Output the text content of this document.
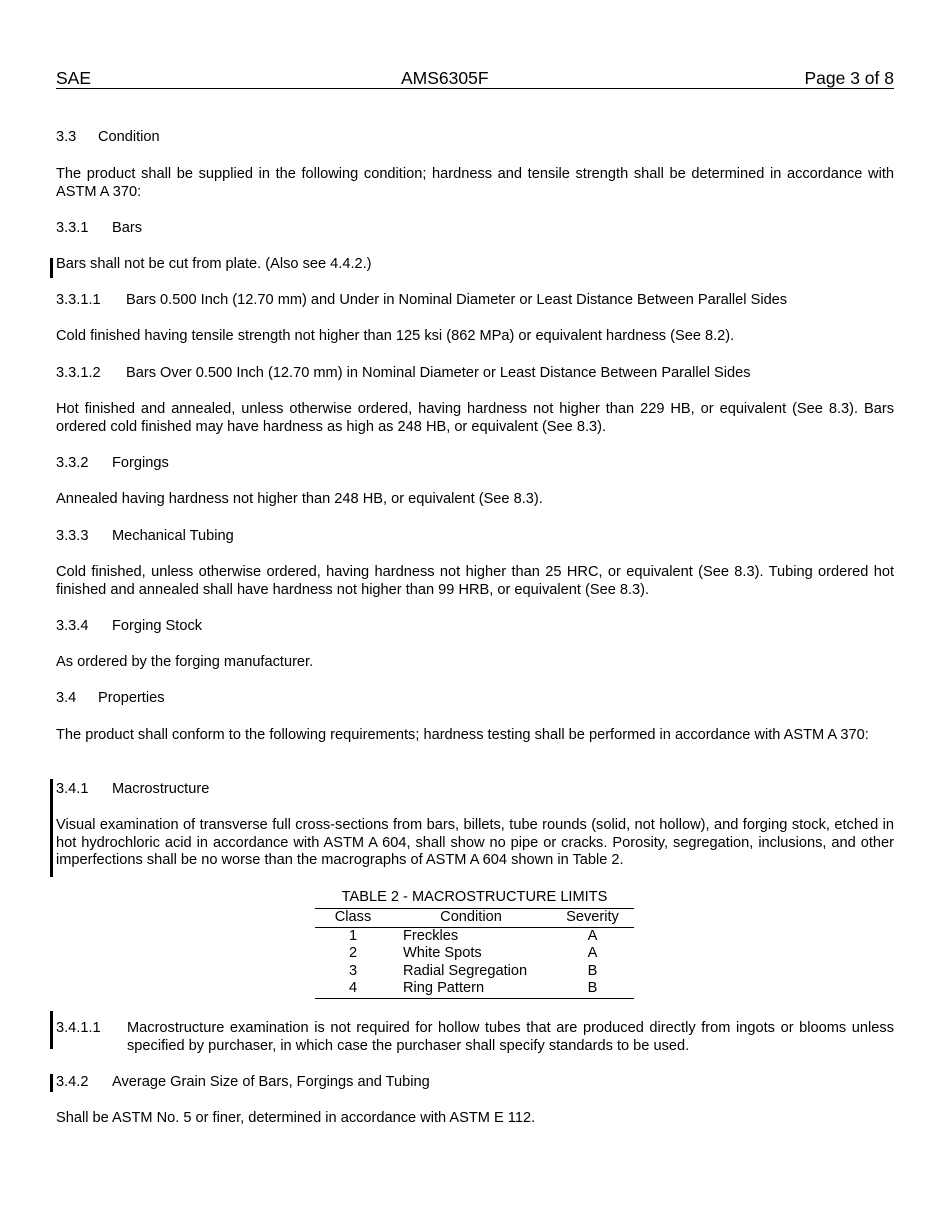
SAE	AMS6305F	Page 3 of 8
3.3 Condition
The product shall be supplied in the following condition; hardness and tensile strength shall be determined in accordance with ASTM A 370:
3.3.1 Bars
Bars shall not be cut from plate. (Also see 4.4.2.)
3.3.1.1 Bars 0.500 Inch (12.70 mm) and Under in Nominal Diameter or Least Distance Between Parallel Sides
Cold finished having tensile strength not higher than 125 ksi (862 MPa) or equivalent hardness (See 8.2).
3.3.1.2 Bars Over 0.500 Inch (12.70 mm) in Nominal Diameter or Least Distance Between Parallel Sides
Hot finished and annealed, unless otherwise ordered, having hardness not higher than 229 HB, or equivalent (See 8.3). Bars ordered cold finished may have hardness as high as 248 HB, or equivalent (See 8.3).
3.3.2 Forgings
Annealed having hardness not higher than 248 HB, or equivalent (See 8.3).
3.3.3 Mechanical Tubing
Cold finished, unless otherwise ordered, having hardness not higher than 25 HRC, or equivalent (See 8.3). Tubing ordered hot finished and annealed shall have hardness not higher than 99 HRB, or equivalent (See 8.3).
3.3.4 Forging Stock
As ordered by the forging manufacturer.
3.4 Properties
The product shall conform to the following requirements; hardness testing shall be performed in accordance with ASTM A 370:
3.4.1 Macrostructure
Visual examination of transverse full cross-sections from bars, billets, tube rounds (solid, not hollow), and forging stock, etched in hot hydrochloric acid in accordance with ASTM A 604, shall show no pipe or cracks. Porosity, segregation, inclusions, and other imperfections shall be no worse than the macrographs of ASTM A 604 shown in Table 2.
TABLE 2 - MACROSTRUCTURE LIMITS
Class	Condition	Severity
1	Freckles	A
2	White Spots	A
3	Radial Segregation	B
4	Ring Pattern	B
3.4.1.1 Macrostructure examination is not required for hollow tubes that are produced directly from ingots or blooms unless specified by purchaser, in which case the purchaser shall specify standards to be used.
3.4.2 Average Grain Size of Bars, Forgings and Tubing
Shall be ASTM No. 5 or finer, determined in accordance with ASTM E 112.
